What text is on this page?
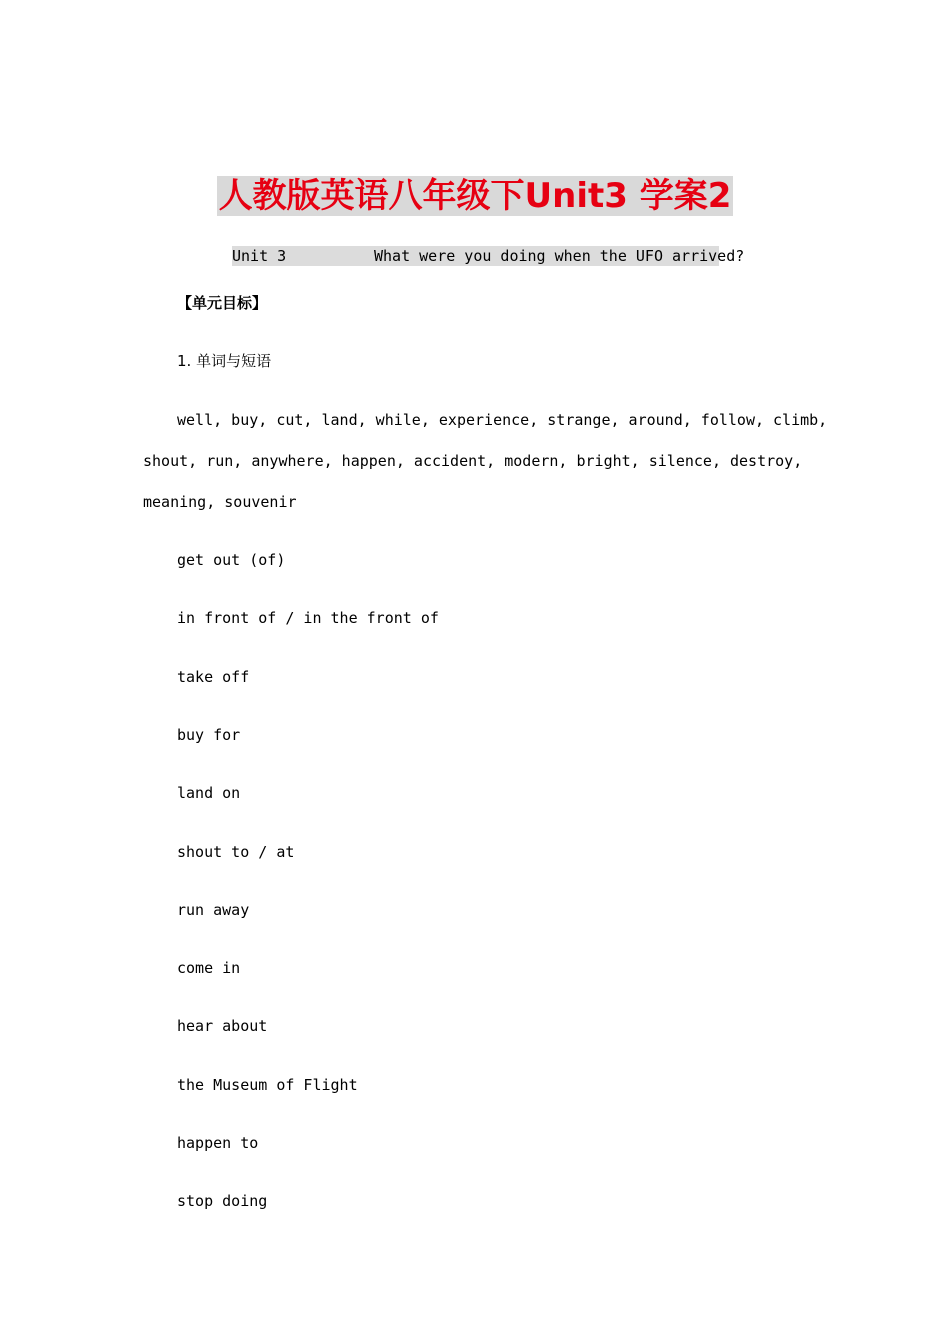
人教版英语八年级下Unit3 学案2

Unit 3

	What were you doing when the UFO arrived?

【单元目标】
1. 单词与短语
well, buy, cut, land, while, experience, strange, around, follow, climb,
shout, run, anywhere, happen, accident, modern, bright, silence, destroy,
meaning, souvenir
get out (of)
in front of / in the front of
take off
buy for
land on
shout to / at
run away
come in
hear about
the Museum of Flight
happen to
stop doing
